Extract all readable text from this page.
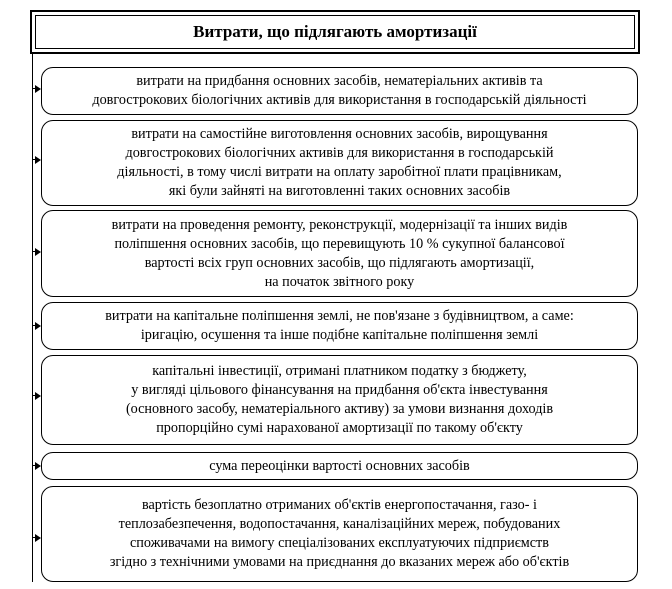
Витрати, що підлягають амортизації
витрати на придбання основних засобів, нематеріальних активів та
довгострокових біологічних активів для використання в господарській діяльності
витрати на самостійне виготовлення основних засобів, вирощування
довгострокових біологічних активів для використання в господарській
діяльності, в тому числі витрати на оплату заробітної плати працівникам,
які були зайняті на виготовленні таких основних засобів
витрати на проведення ремонту, реконструкції, модернізації та інших видів
поліпшення основних засобів, що перевищують 10 % сукупної балансової
вартості всіх груп основних засобів, що підлягають амортизації,
на початок звітного року
витрати на капітальне поліпшення землі, не пов'язане з будівництвом, а саме:
іригацію, осушення та інше подібне капітальне поліпшення землі
капітальні інвестиції, отримані платником податку з бюджету,
у вигляді цільового фінансування на придбання об'єкта інвестування
(основного засобу, нематеріального активу) за умови визнання доходів
пропорційно сумі нарахованої амортизації по такому об'єкту
сума переоцінки вартості основних засобів
вартість безоплатно отриманих об'єктів енергопостачання, газо- і
теплозабезпечення, водопостачання, каналізаційних мереж, побудованих
споживачами на вимогу спеціалізованих експлуатуючих підприємств
згідно з технічними умовами на приєднання до вказаних мереж або об'єктів
